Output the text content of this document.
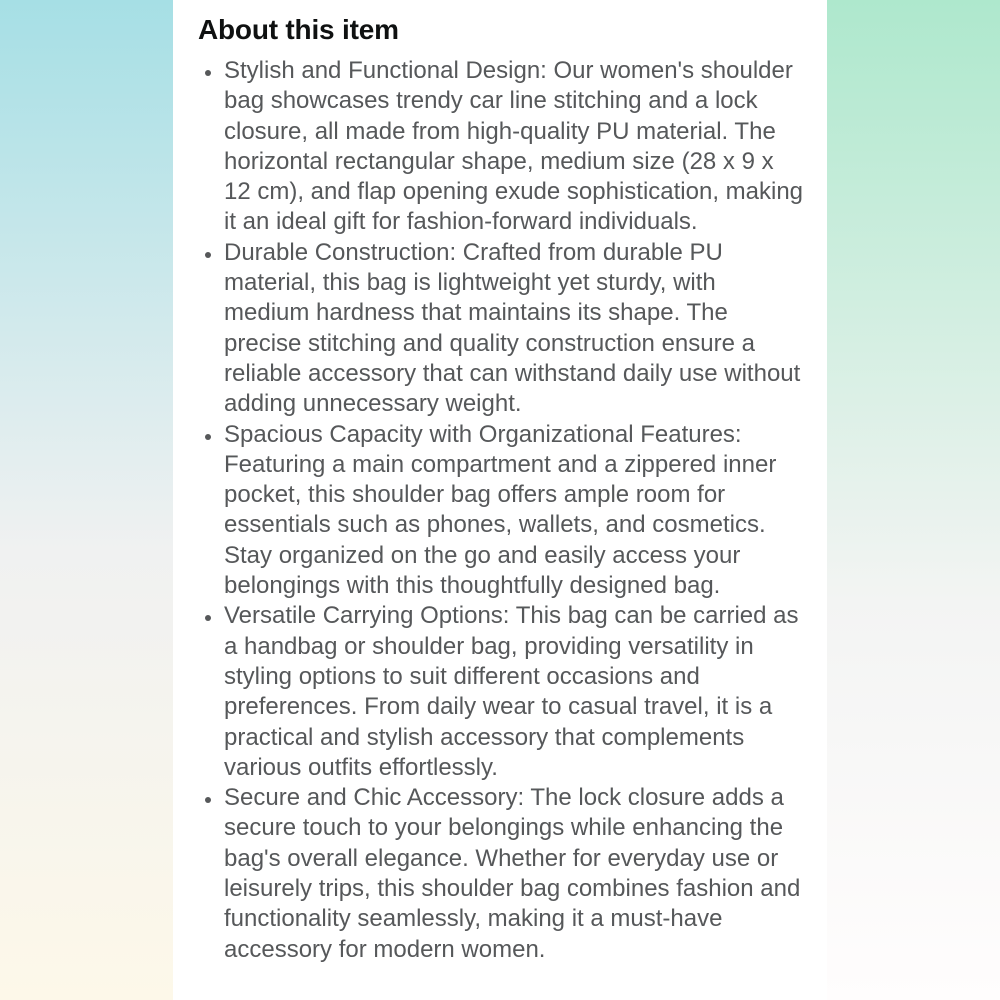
About this item
• Stylish and Functional Design: Our women's shoulder bag showcases trendy car line stitching and a lock closure, all made from high-quality PU material. The horizontal rectangular shape, medium size (28 x 9 x 12 cm), and flap opening exude sophistication, making it an ideal gift for fashion-forward individuals.
• Durable Construction: Crafted from durable PU material, this bag is lightweight yet sturdy, with medium hardness that maintains its shape. The precise stitching and quality construction ensure a reliable accessory that can withstand daily use without adding unnecessary weight.
• Spacious Capacity with Organizational Features: Featuring a main compartment and a zippered inner pocket, this shoulder bag offers ample room for essentials such as phones, wallets, and cosmetics. Stay organized on the go and easily access your belongings with this thoughtfully designed bag.
• Versatile Carrying Options: This bag can be carried as a handbag or shoulder bag, providing versatility in styling options to suit different occasions and preferences. From daily wear to casual travel, it is a practical and stylish accessory that complements various outfits effortlessly.
• Secure and Chic Accessory: The lock closure adds a secure touch to your belongings while enhancing the bag's overall elegance. Whether for everyday use or leisurely trips, this shoulder bag combines fashion and functionality seamlessly, making it a must-have accessory for modern women.
